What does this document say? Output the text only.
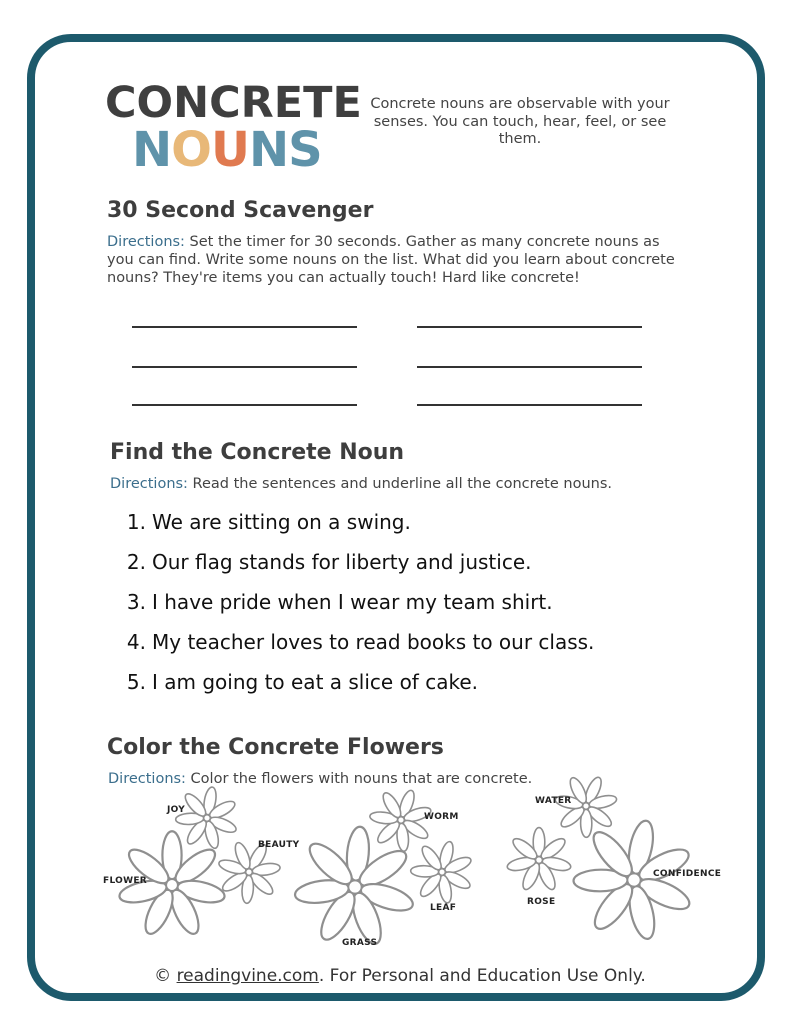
CONCRETE
NOUNS
Concrete nouns are observable with your senses. You can touch, hear, feel, or see them.
30 Second Scavenger
Directions: Set the timer for 30 seconds. Gather as many concrete nouns as you can find. Write some nouns on the list. What did you learn about concrete nouns? They're items you can actually touch! Hard like concrete!
Find the Concrete Noun
Directions: Read the sentences and underline all the concrete nouns.
1. We are sitting on a swing.
2. Our flag stands for liberty and justice.
3. I have pride when I wear my team shirt.
4. My teacher loves to read books to our class.
5. I am going to eat a slice of cake.
Color the Concrete Flowers
Directions: Color the flowers with nouns that are concrete.
JOY
BEAUTY
FLOWER
WORM
GRASS
LEAF
WATER
ROSE
CONFIDENCE
© readingvine.com. For Personal and Education Use Only.
